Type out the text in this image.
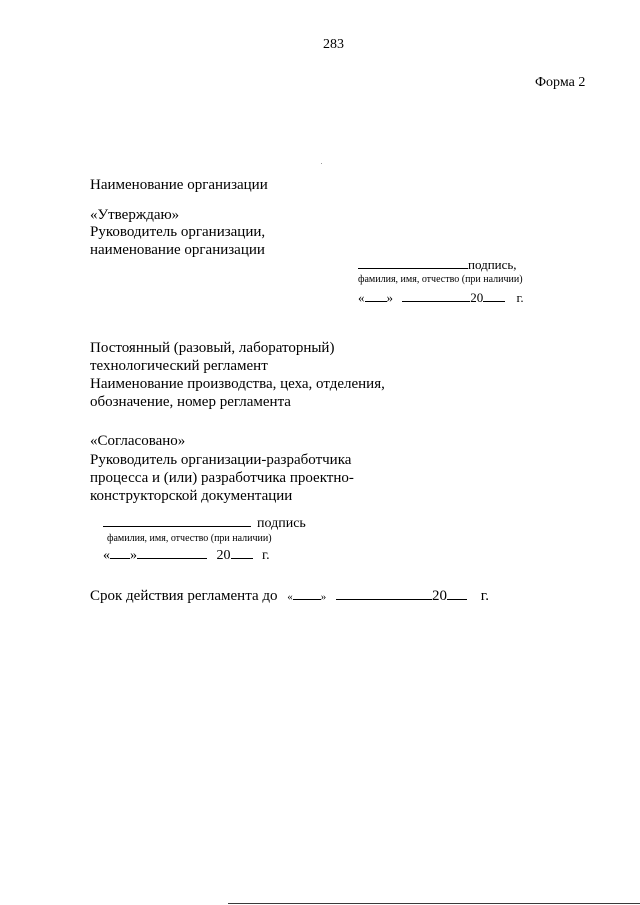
283
Форма 2
Наименование организации
«Утверждаю»
Руководитель организации,
наименование организации
подпись,
фамилия, имя, отчество (при наличии)
« »	20	г.
Постоянный (разовый, лабораторный)
технологический регламент
Наименование производства, цеха, отделения,
обозначение, номер регламента
«Согласовано»
Руководитель организации-разработчика
процесса и (или) разработчика проектно-
конструкторской документации
подпись
фамилия, имя, отчество (при наличии)
« »	20 г.
Срок действия регламента до «	»	20 г.
